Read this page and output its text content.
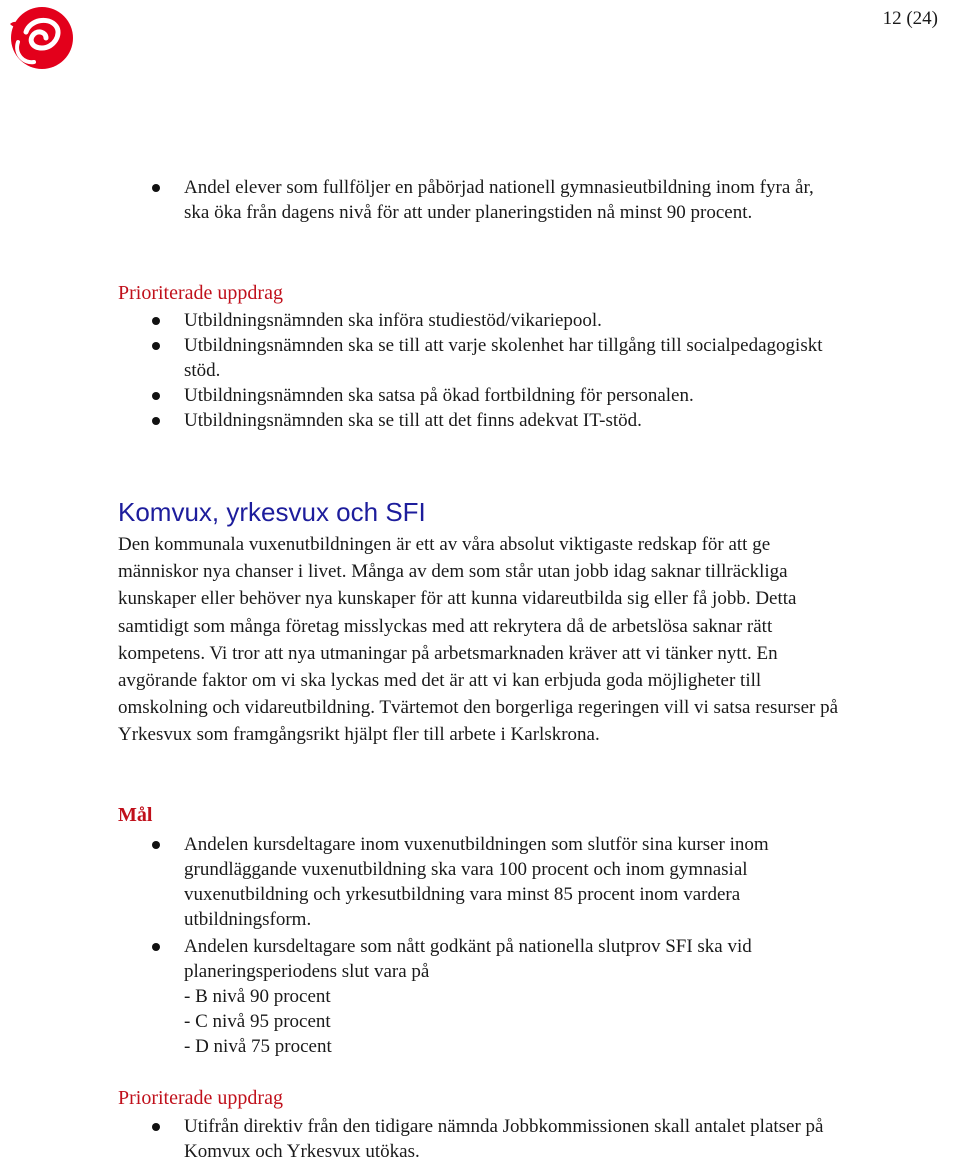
12 (24)
Andel elever som fullföljer en påbörjad nationell gymnasieutbildning inom fyra år, ska öka från dagens nivå för att under planeringstiden nå minst 90 procent.
Prioriterade uppdrag
Utbildningsnämnden ska införa studiestöd/vikariepool.
Utbildningsnämnden ska se till att varje skolenhet har tillgång till socialpedagogiskt stöd.
Utbildningsnämnden ska satsa på ökad fortbildning för personalen.
Utbildningsnämnden ska se till att det finns adekvat IT-stöd.
Komvux, yrkesvux och SFI
Den kommunala vuxenutbildningen är ett av våra absolut viktigaste redskap för att ge människor nya chanser i livet. Många av dem som står utan jobb idag saknar tillräckliga kunskaper eller behöver nya kunskaper för att kunna vidareutbilda sig eller få jobb. Detta samtidigt som många företag misslyckas med att rekrytera då de arbetslösa saknar rätt kompetens. Vi tror att nya utmaningar på arbetsmarknaden kräver att vi tänker nytt. En avgörande faktor om vi ska lyckas med det är att vi kan erbjuda goda möjligheter till omskolning och vidareutbildning. Tvärtemot den borgerliga regeringen vill vi satsa resurser på Yrkesvux som framgångsrikt hjälpt fler till arbete i Karlskrona.
Mål
Andelen kursdeltagare inom vuxenutbildningen som slutför sina kurser inom grundläggande vuxenutbildning ska vara 100 procent och inom gymnasial vuxenutbildning och yrkesutbildning vara minst 85 procent inom vardera utbildningsform.
Andelen kursdeltagare som nått godkänt på nationella slutprov SFI ska vid planeringsperiodens slut vara på
- B nivå 90 procent
- C nivå 95 procent
- D nivå 75 procent
Prioriterade uppdrag
Utifrån direktiv från den tidigare nämnda Jobbkommissionen skall antalet platser på Komvux och Yrkesvux utökas.
